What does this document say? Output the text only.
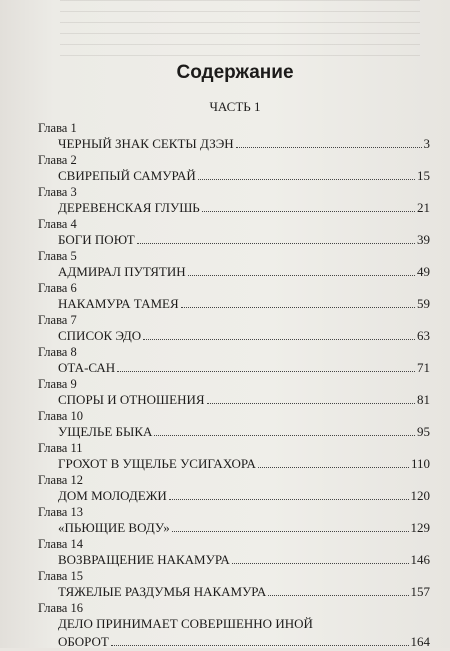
Содержание
ЧАСТЬ 1
Глава 1
ЧЕРНЫЙ ЗНАК СЕКТЫ ДЗЭН	3
Глава 2
СВИРЕПЫЙ САМУРАЙ	15
Глава 3
ДЕРЕВЕНСКАЯ ГЛУШЬ	21
Глава 4
БОГИ ПОЮТ	39
Глава 5
АДМИРАЛ ПУТЯТИН	49
Глава 6
НАКАМУРА ТАМЕЯ	59
Глава 7
СПИСОК ЭДО	63
Глава 8
ОТА-САН	71
Глава 9
СПОРЫ И ОТНОШЕНИЯ	81
Глава 10
УЩЕЛЬЕ БЫКА	95
Глава 11
ГРОХОТ В УЩЕЛЬЕ УСИГАХОРА	110
Глава 12
ДОМ МОЛОДЕЖИ	120
Глава 13
«ПЬЮЩИЕ ВОДУ»	129
Глава 14
ВОЗВРАЩЕНИЕ НАКАМУРА	146
Глава 15
ТЯЖЕЛЫЕ РАЗДУМЬЯ НАКАМУРА	157
Глава 16
ДЕЛО ПРИНИМАЕТ СОВЕРШЕННО ИНОЙ
ОБОРОТ	164
